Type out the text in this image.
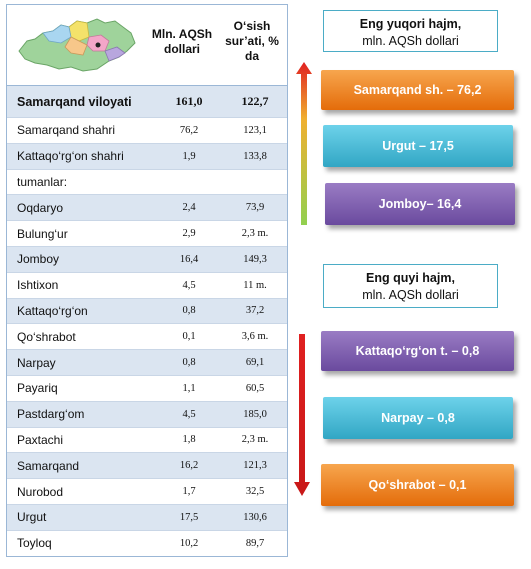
Mln. AQSh dollari
O‘sish sur’ati, % da
Samarqand viloyati	161,0	122,7
Samarqand shahri	76,2	123,1
Kattaqo‘rg‘on shahri	1,9	133,8
tumanlar:
Oqdaryo	2,4	73,9
Bulung‘ur	2,9	2,3 m.
Jomboy	16,4	149,3
Ishtixon	4,5	11 m.
Kattaqo‘rg‘on	0,8	37,2
Qo‘shrabot	0,1	3,6 m.
Narpay	0,8	69,1
Payariq	1,1	60,5
Pastdarg‘om	4,5	185,0
Paxtachi	1,8	2,3 m.
Samarqand	16,2	121,3
Nurobod	1,7	32,5
Urgut	17,5	130,6
Toyloq	10,2	89,7
Eng yuqori hajm,
mln. AQSh dollari
Samarqand sh. – 76,2
Urgut – 17,5
Jomboy– 16,4
Eng quyi hajm,
mln. AQSh dollari
Kattaqo‘rg‘on t. – 0,8
Narpay – 0,8
Qo‘shrabot – 0,1
